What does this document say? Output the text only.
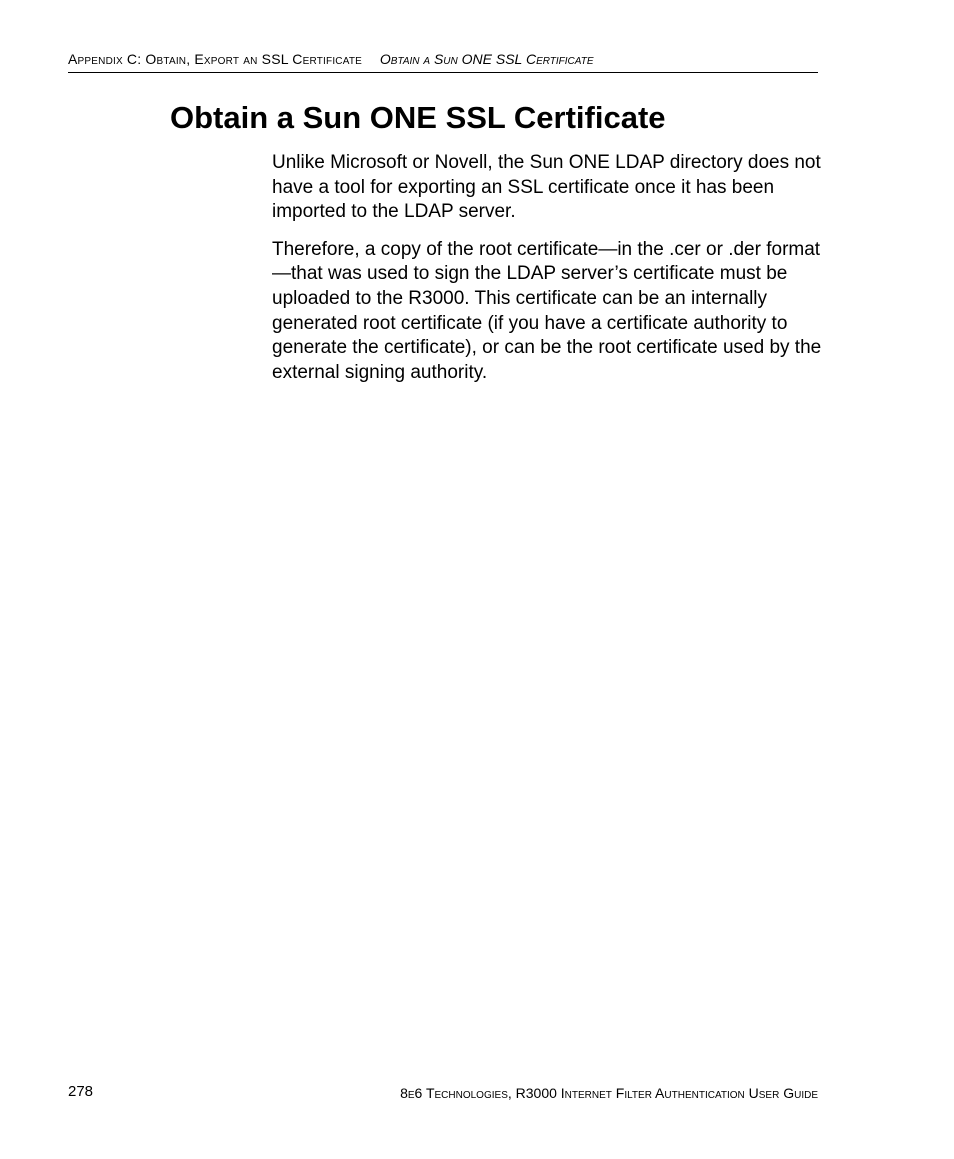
Appendix C: Obtain, Export an SSL Certificate Obtain a Sun ONE SSL Certificate
Obtain a Sun ONE SSL Certificate

Unlike Microsoft or Novell, the Sun ONE LDAP directory does not have a tool for exporting an SSL certificate once it has been imported to the LDAP server.

Therefore, a copy of the root certificate—in the .cer or .der format—that was used to sign the LDAP server’s certificate must be uploaded to the R3000. This certificate can be an internally generated root certificate (if you have a certificate authority to generate the certificate), or can be the root certificate used by the external signing authority.

278	8e6 Technologies, R3000 Internet Filter Authentication User Guide
